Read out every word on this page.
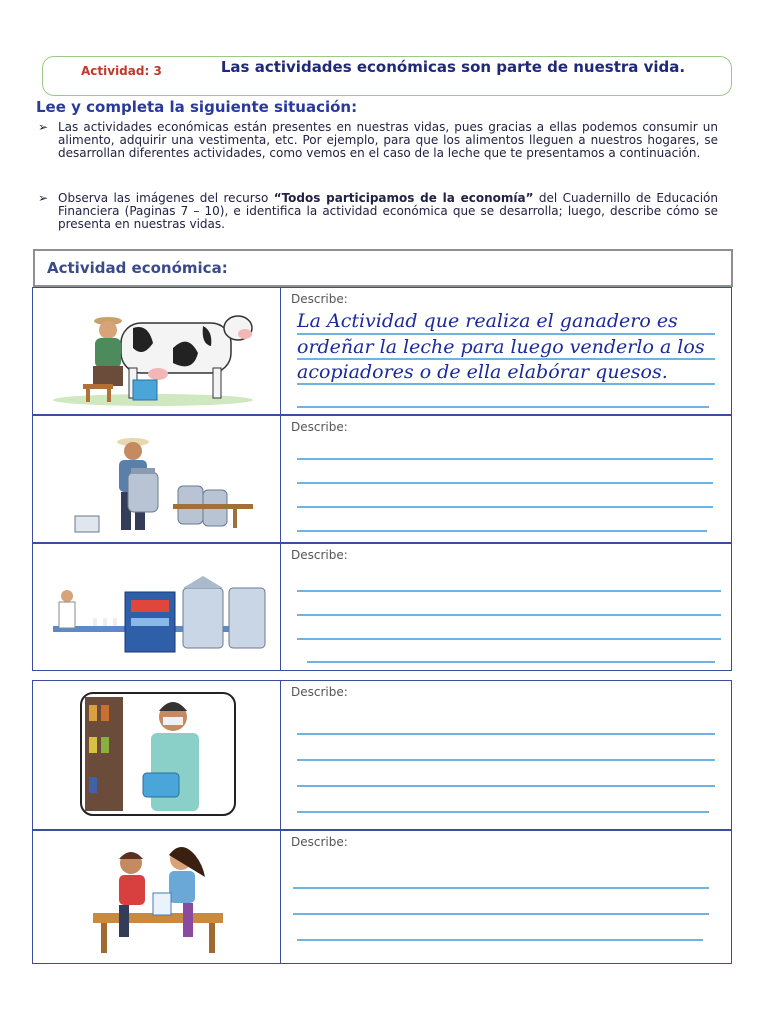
Actividad: 3	Las actividades económicas son parte de nuestra vida.
Lee y completa la siguiente situación:
➢ Las actividades económicas están presentes en nuestras vidas, pues gracias a ellas podemos consumir un alimento, adquirir una vestimenta, etc. Por ejemplo, para que los alimentos lleguen a nuestros hogares, se desarrollan diferentes actividades, como vemos en el caso de la leche que te presentamos a continuación.
➢ Observa las imágenes del recurso “Todos participamos de la economía” del Cuadernillo de Educación Financiera (Paginas 7 – 10), e identifica la actividad económica que se desarrolla; luego, describe cómo se presenta en nuestras vidas.
Actividad económica:
Describe:
La Actividad que realiza el ganadero es
ordeñar la leche para luego venderlo a los
acopiadores o de ella elabórar quesos.
Describe:
Describe:
Describe:
Describe:
